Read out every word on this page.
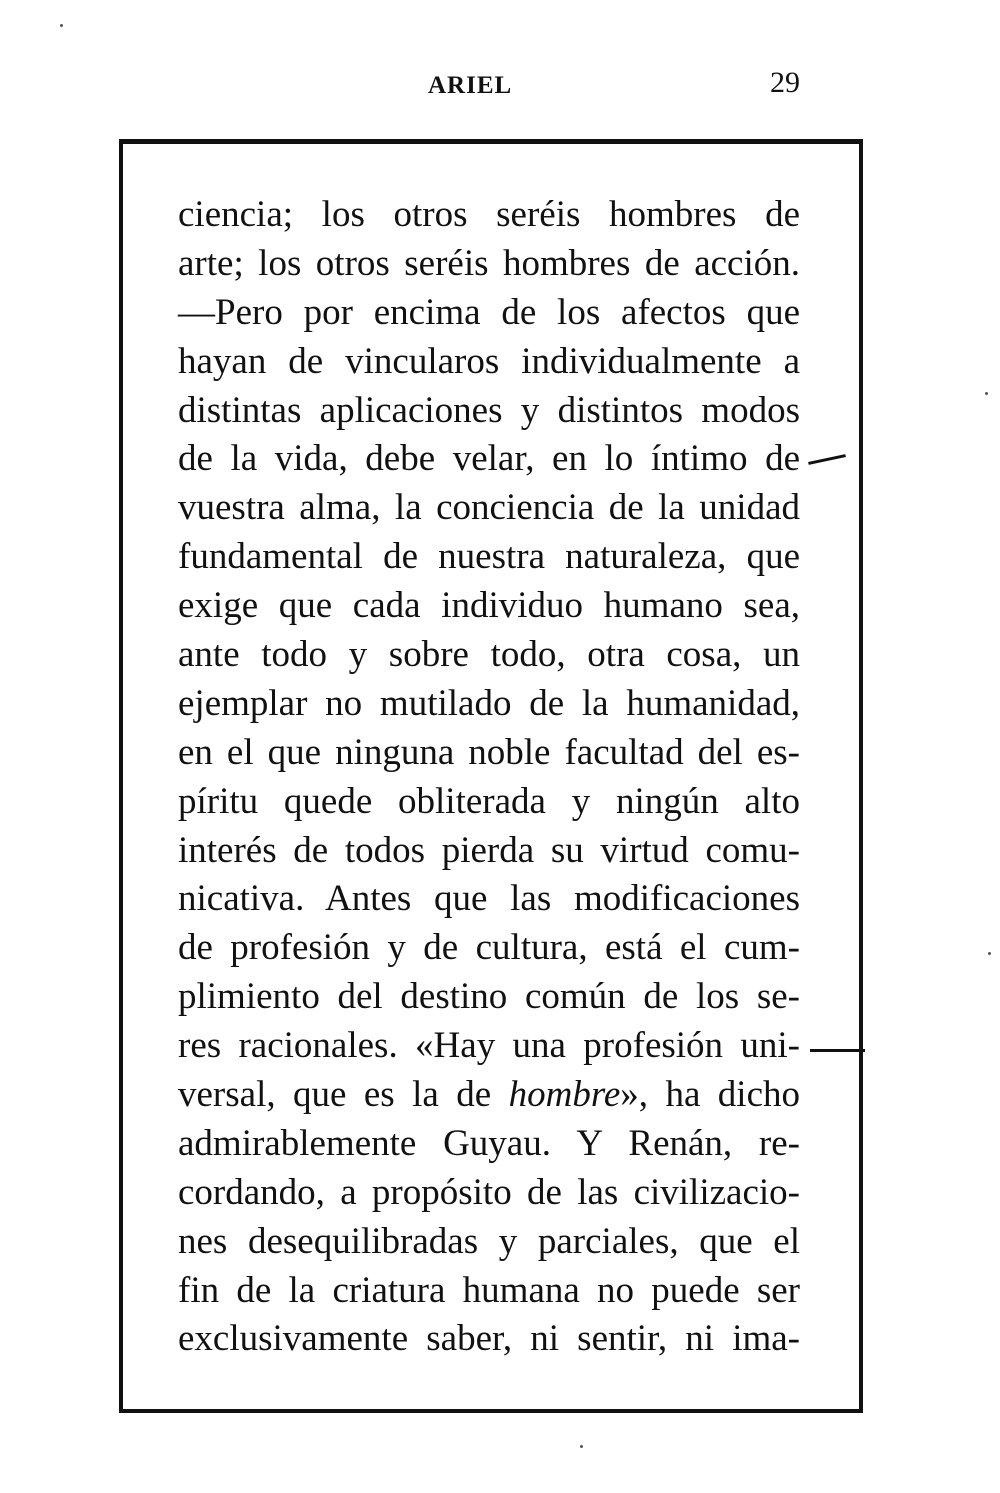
ARIEL	29
ciencia; los otros seréis hombres de
arte; los otros seréis hombres de acción.
—Pero por encima de los afectos que
hayan de vincularos individualmente a
distintas aplicaciones y distintos modos
de la vida, debe velar, en lo íntimo de
vuestra alma, la conciencia de la unidad
fundamental de nuestra naturaleza, que
exige que cada individuo humano sea,
ante todo y sobre todo, otra cosa, un
ejemplar no mutilado de la humanidad,
en el que ninguna noble facultad del es-
píritu quede obliterada y ningún alto
interés de todos pierda su virtud comu-
nicativa. Antes que las modificaciones
de profesión y de cultura, está el cum-
plimiento del destino común de los se-
res racionales. «Hay una profesión uni-
versal, que es la de hombre», ha dicho
admirablemente Guyau. Y Renán, re-
cordando, a propósito de las civilizacio-
nes desequilibradas y parciales, que el
fin de la criatura humana no puede ser
exclusivamente saber, ni sentir, ni ima-
